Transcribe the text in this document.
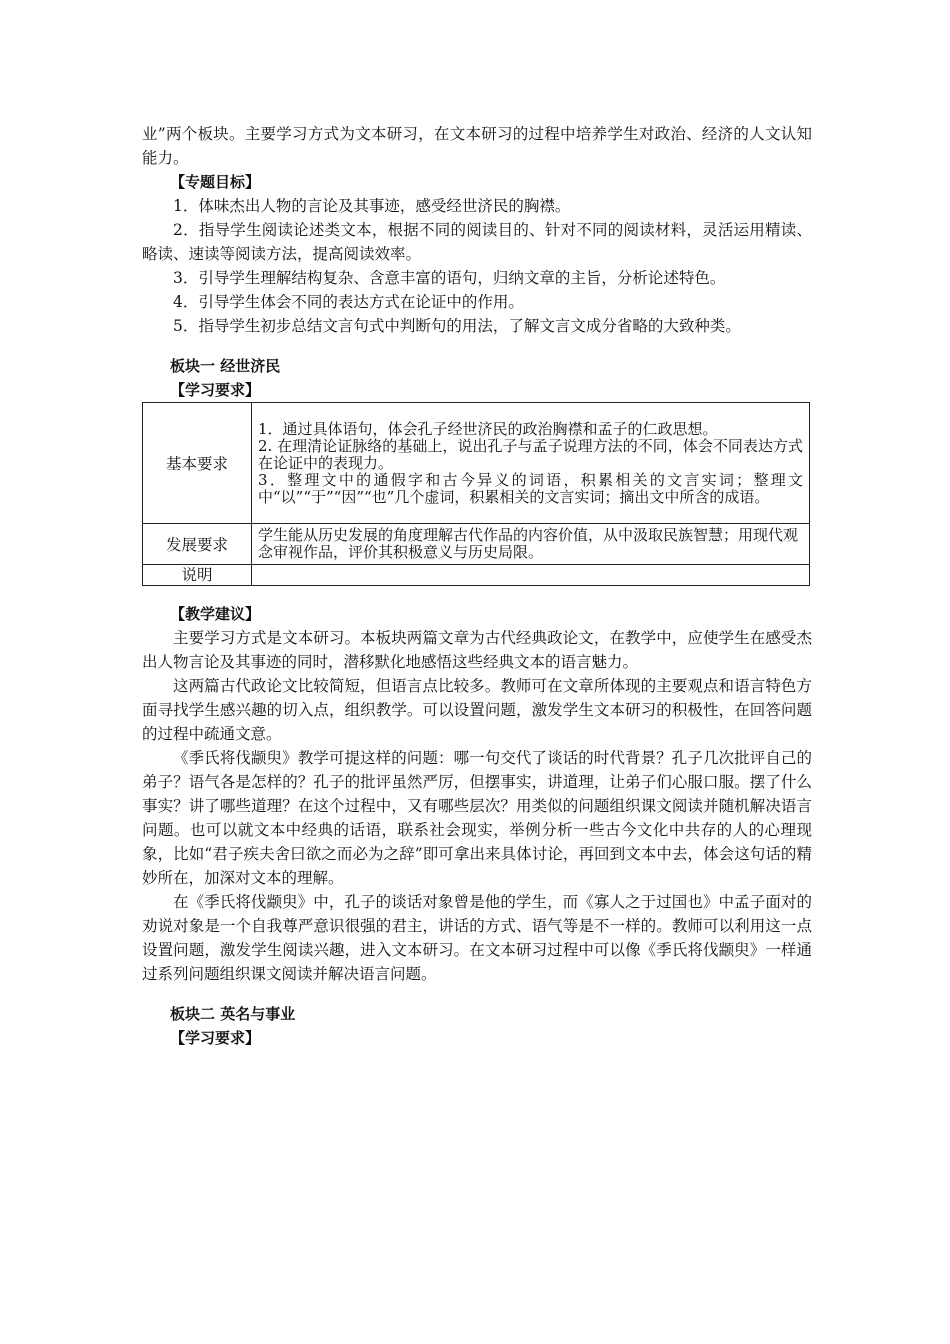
业”两个板块。主要学习方式为文本研习，在文本研习的过程中培养学生对政治、经济的人文认知能力。

【专题目标】

1．体味杰出人物的言论及其事迹，感受经世济民的胸襟。

2．指导学生阅读论述类文本，根据不同的阅读目的、针对不同的阅读材料，灵活运用精读、略读、速读等阅读方法，提高阅读效率。

3．引导学生理解结构复杂、含意丰富的语句，归纳文章的主旨，分析论述特色。

4．引导学生体会不同的表达方式在论证中的作用。

5．指导学生初步总结文言句式中判断句的用法，了解文言文成分省略的大致种类。

板块一 经世济民

【学习要求】

基本要求	1．通过具体语句，体会孔子经世济民的政治胸襟和孟子的仁政思想。

2. 在理清论证脉络的基础上，说出孔子与孟子说理方法的不同，体会不同表达方式在论证中的表现力。

3．整理文中的通假字和古今异义的词语，积累相关的文言实词；整理文中“以”“于”“因”“也”几个虚词，积累相关的文言实词；摘出文中所含的成语。

发展要求	学生能从历史发展的角度理解古代作品的内容价值，从中汲取民族智慧；用现代观念审视作品，评价其积极意义与历史局限。
说明	

【教学建议】

主要学习方式是文本研习。本板块两篇文章为古代经典政论文，在教学中，应使学生在感受杰出人物言论及其事迹的同时，潜移默化地感悟这些经典文本的语言魅力。

这两篇古代政论文比较简短，但语言点比较多。教师可在文章所体现的主要观点和语言特色方面寻找学生感兴趣的切入点，组织教学。可以设置问题，激发学生文本研习的积极性，在回答问题的过程中疏通文意。

《季氏将伐颛臾》教学可提这样的问题：哪一句交代了谈话的时代背景？孔子几次批评自己的弟子？语气各是怎样的？孔子的批评虽然严厉，但摆事实，讲道理，让弟子们心服口服。摆了什么事实？讲了哪些道理？在这个过程中，又有哪些层次？用类似的问题组织课文阅读并随机解决语言问题。也可以就文本中经典的话语，联系社会现实，举例分析一些古今文化中共存的人的心理现象，比如“君子疾夫舍曰欲之而必为之辞”即可拿出来具体讨论，再回到文本中去，体会这句话的精妙所在，加深对文本的理解。

在《季氏将伐颛臾》中，孔子的谈话对象曾是他的学生，而《寡人之于过国也》中孟子面对的劝说对象是一个自我尊严意识很强的君主，讲话的方式、语气等是不一样的。教师可以利用这一点设置问题，激发学生阅读兴趣，进入文本研习。在文本研习过程中可以像《季氏将伐颛臾》一样通过系列问题组织课文阅读并解决语言问题。

板块二 英名与事业

【学习要求】
